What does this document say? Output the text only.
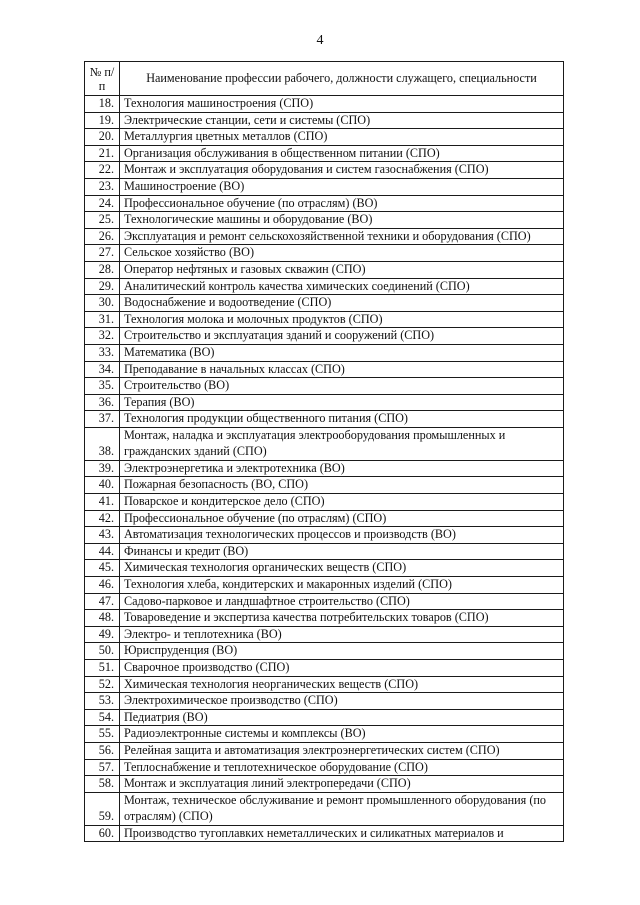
4
№ п/п	Наименование профессии рабочего, должности служащего, специальности
18.	Технология машиностроения (СПО)
19.	Электрические станции, сети и системы (СПО)
20.	Металлургия цветных металлов (СПО)
21.	Организация обслуживания в общественном питании (СПО)
22.	Монтаж и эксплуатация оборудования и систем газоснабжения (СПО)
23.	Машиностроение (ВО)
24.	Профессиональное обучение (по отраслям) (ВО)
25.	Технологические машины и оборудование (ВО)
26.	Эксплуатация и ремонт сельскохозяйственной техники и оборудования (СПО)
27.	Сельское хозяйство (ВО)
28.	Оператор нефтяных и газовых скважин (СПО)
29.	Аналитический контроль качества химических соединений (СПО)
30.	Водоснабжение и водоотведение (СПО)
31.	Технология молока и молочных продуктов (СПО)
32.	Строительство и эксплуатация зданий и сооружений (СПО)
33.	Математика (ВО)
34.	Преподавание в начальных классах (СПО)
35.	Строительство (ВО)
36.	Терапия (ВО)
37.	Технология продукции общественного питания (СПО)
38.	Монтаж, наладка и эксплуатация электрооборудования промышленных и гражданских зданий (СПО)
39.	Электроэнергетика и электротехника (ВО)
40.	Пожарная безопасность (ВО, СПО)
41.	Поварское и кондитерское дело (СПО)
42.	Профессиональное обучение (по отраслям) (СПО)
43.	Автоматизация технологических процессов и производств (ВО)
44.	Финансы и кредит (ВО)
45.	Химическая технология органических веществ (СПО)
46.	Технология хлеба, кондитерских и макаронных изделий (СПО)
47.	Садово-парковое и ландшафтное строительство (СПО)
48.	Товароведение и экспертиза качества потребительских товаров (СПО)
49.	Электро- и теплотехника (ВО)
50.	Юриспруденция (ВО)
51.	Сварочное производство (СПО)
52.	Химическая технология неорганических веществ (СПО)
53.	Электрохимическое производство (СПО)
54.	Педиатрия (ВО)
55.	Радиоэлектронные системы и комплексы (ВО)
56.	Релейная защита и автоматизация электроэнергетических систем (СПО)
57.	Теплоснабжение и теплотехническое оборудование (СПО)
58.	Монтаж и эксплуатация линий электропередачи (СПО)
59.	Монтаж, техническое обслуживание и ремонт промышленного оборудования (по отраслям) (СПО)
60.	Производство тугоплавких неметаллических и силикатных материалов и
